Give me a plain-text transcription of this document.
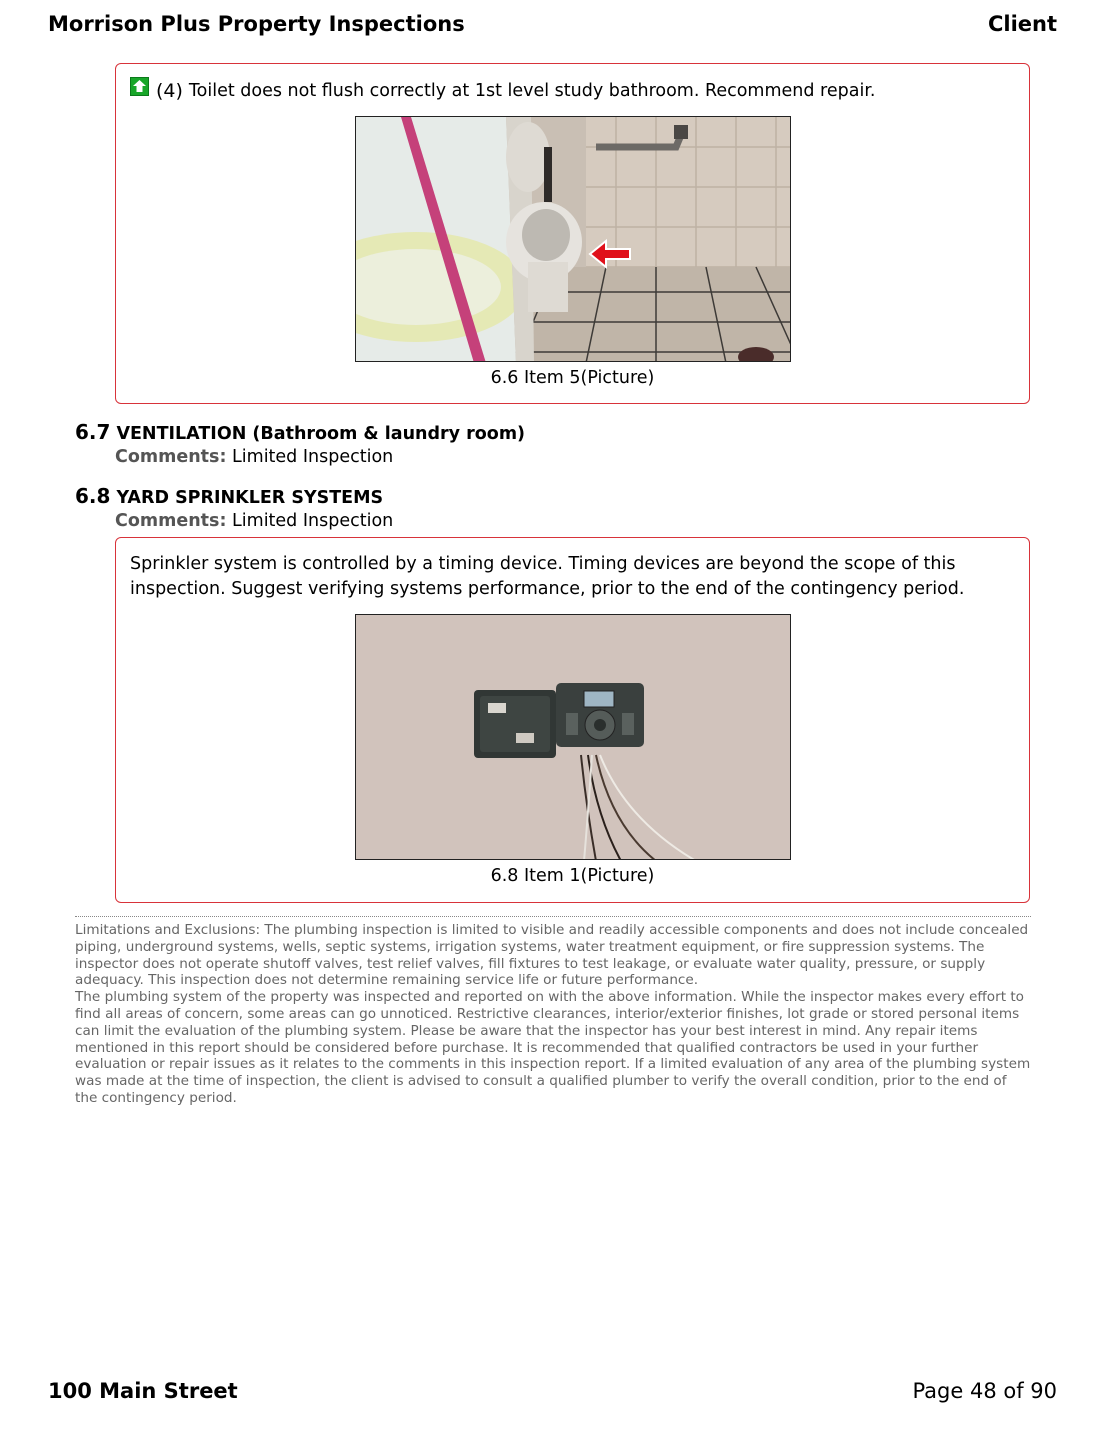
Morrison Plus Property Inspections	Client
(4) Toilet does not flush correctly at 1st level study bathroom. Recommend repair.
6.6 Item 5(Picture)
6.7 VENTILATION (Bathroom & laundry room)
Comments: Limited Inspection
6.8 YARD SPRINKLER SYSTEMS
Comments: Limited Inspection
Sprinkler system is controlled by a timing device. Timing devices are beyond the scope of this inspection. Suggest verifying systems performance, prior to the end of the contingency period.
6.8 Item 1(Picture)

Limitations and Exclusions: The plumbing inspection is limited to visible and readily accessible components and does not include concealed piping, underground systems, wells, septic systems, irrigation systems, water treatment equipment, or fire suppression systems. The inspector does not operate shutoff valves, test relief valves, fill fixtures to test leakage, or evaluate water quality, pressure, or supply adequacy. This inspection does not determine remaining service life or future performance.

The plumbing system of the property was inspected and reported on with the above information. While the inspector makes every effort to find all areas of concern, some areas can go unnoticed. Restrictive clearances, interior/exterior finishes, lot grade or stored personal items can limit the evaluation of the plumbing system. Please be aware that the inspector has your best interest in mind. Any repair items mentioned in this report should be considered before purchase. It is recommended that qualified contractors be used in your further evaluation or repair issues as it relates to the comments in this inspection report. If a limited evaluation of any area of the plumbing system was made at the time of inspection, the client is advised to consult a qualified plumber to verify the overall condition, prior to the end of the contingency period.

100 Main Street	Page 48 of 90
